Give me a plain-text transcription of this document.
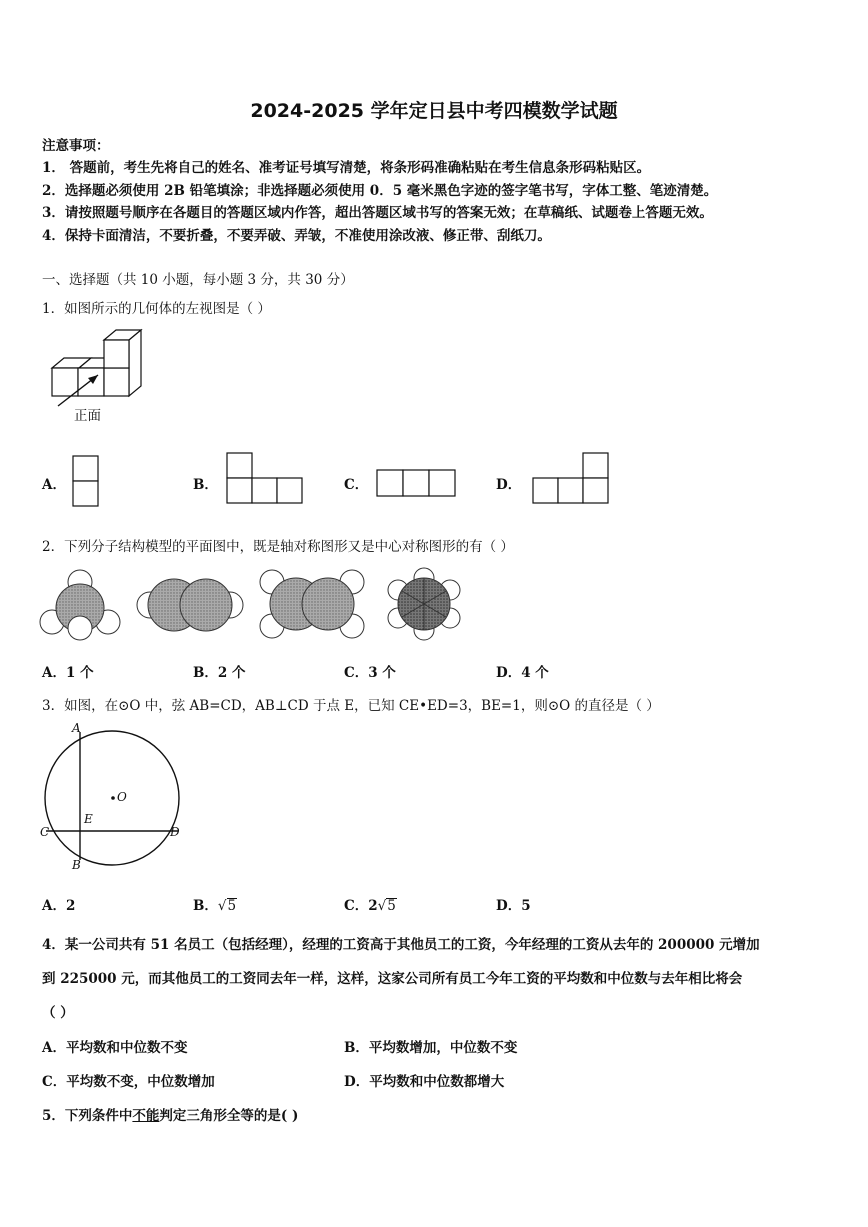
2024-2025 学年定日县中考四模数学试题
注意事项：
1． 答题前，考生先将自己的姓名、准考证号填写清楚，将条形码准确粘贴在考生信息条形码粘贴区。
2．选择题必须使用 2B 铅笔填涂；非选择题必须使用 0．5 毫米黑色字迹的签字笔书写，字体工整、笔迹清楚。
3．请按照题号顺序在各题目的答题区域内作答，超出答题区域书写的答案无效；在草稿纸、试题卷上答题无效。
4．保持卡面清洁，不要折叠，不要弄破、弄皱，不准使用涂改液、修正带、刮纸刀。
一、选择题（共 10 小题，每小题 3 分，共 30 分）
1．如图所示的几何体的左视图是（ ）
正面
A．	B．	C．	D．
2．下列分子结构模型的平面图中，既是轴对称图形又是中心对称图形的有（ ）
A．1 个	B．2 个	C．3 个	D．4 个
3．如图，在⊙O 中，弦 AB=CD，AB⊥CD 于点 E，已知 CE•ED=3，BE=1，则⊙O 的直径是（ ）
A
O
E
C	D
B
A．2	B．√5	C．2√5	D．5
4．某一公司共有 51 名员工（包括经理），经理的工资高于其他员工的工资，今年经理的工资从去年的 200000 元增加
到 225000 元，而其他员工的工资同去年一样，这样，这家公司所有员工今年工资的平均数和中位数与去年相比将会
（ ）
A．平均数和中位数不变	B．平均数增加，中位数不变
C．平均数不变，中位数增加	D．平均数和中位数都增大
5．下列条件中不能判定三角形全等的是( )
